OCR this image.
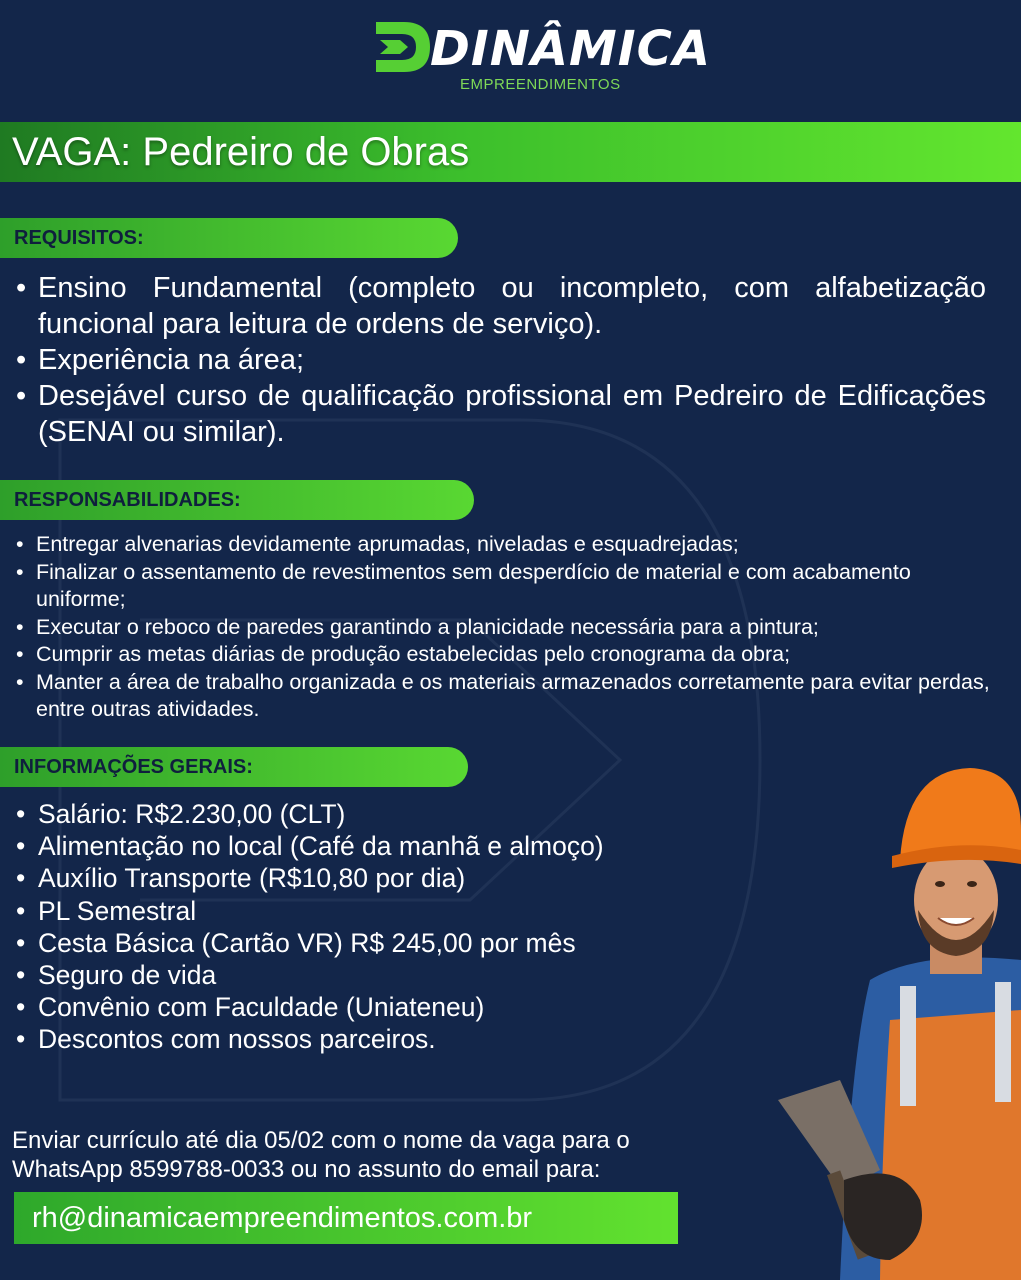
DINÂMICA
EMPREENDIMENTOS
VAGA: Pedreiro de Obras
REQUISITOS:
• Ensino Fundamental (completo ou incompleto, com alfabetização funcional para leitura de ordens de serviço).
• Experiência na área;
• Desejável curso de qualificação profissional em Pedreiro de Edificações (SENAI ou similar).
RESPONSABILIDADES:
• Entregar alvenarias devidamente aprumadas, niveladas e esquadrejadas;
• Finalizar o assentamento de revestimentos sem desperdício de material e com acabamento uniforme;
• Executar o reboco de paredes garantindo a planicidade necessária para a pintura;
• Cumprir as metas diárias de produção estabelecidas pelo cronograma da obra;
• Manter a área de trabalho organizada e os materiais armazenados corretamente para evitar perdas, entre outras atividades.
INFORMAÇÕES GERAIS:
• Salário: R$2.230,00 (CLT)
• Alimentação no local (Café da manhã e almoço)
• Auxílio Transporte (R$10,80 por dia)
• PL Semestral
• Cesta Básica (Cartão VR) R$ 245,00 por mês
• Seguro de vida
• Convênio com Faculdade (Uniateneu)
• Descontos com nossos parceiros.
Enviar currículo até dia 05/02 com o nome da vaga para o
WhatsApp 8599788-0033 ou no assunto do email para:
rh@dinamicaempreendimentos.com.br
